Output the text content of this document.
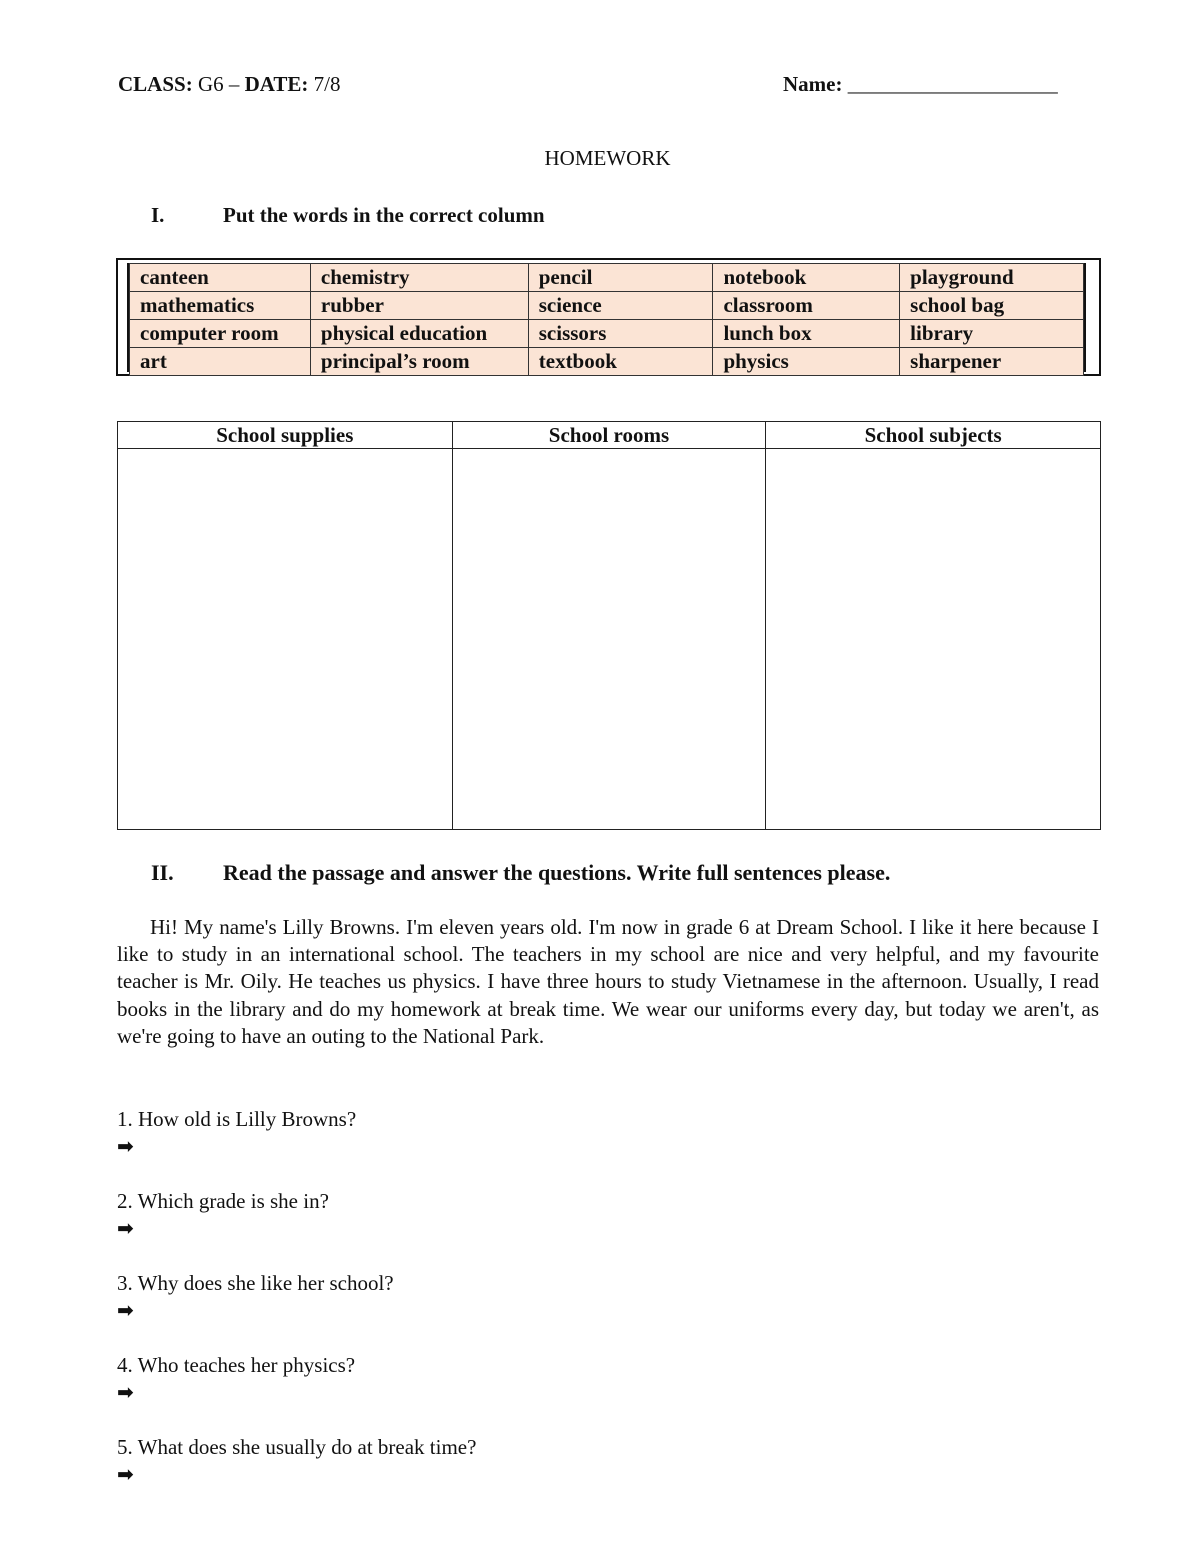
CLASS: G6 – DATE: 7/8	Name: ____________________
HOMEWORK
I.	Put the words in the correct column
canteen	chemistry	pencil	notebook	playground
mathematics	rubber	science	classroom	school bag
computer room	physical education	scissors	lunch box	library
art	principal’s room	textbook	physics	sharpener
School supplies	School rooms	School subjects

II. Read the passage and answer the questions. Write full sentences please.
Hi! My name's Lilly Browns. I'm eleven years old. I'm now in grade 6 at Dream School. I like it here because I like to study in an international school. The teachers in my school are nice and very helpful, and my favourite teacher is Mr. Oily. He teaches us physics. I have three hours to study Vietnamese in the afternoon. Usually, I read books in the library and do my homework at break time. We wear our uniforms every day, but today we aren't, as we're going to have an outing to the National Park.
1. How old is Lilly Browns?
➡
2. Which grade is she in?
➡
3. Why does she like her school?
➡
4. Who teaches her physics?
➡
5. What does she usually do at break time?
➡
